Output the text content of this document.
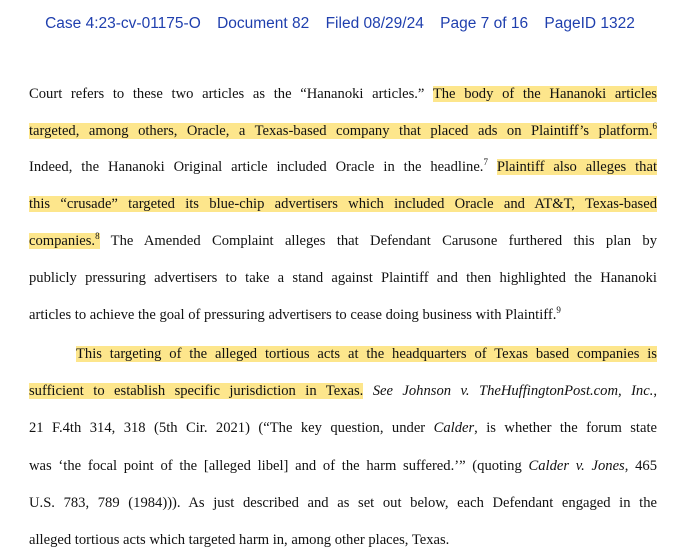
Case 4:23-cv-01175-O Document 82 Filed 08/29/24 Page 7 of 16 PageID 1322
Court refers to these two articles as the “Hananoki articles.” The body of the Hananoki articles
targeted, among others, Oracle, a Texas-based company that placed ads on Plaintiff’s platform.$^6$
Indeed, the Hananoki Original article included Oracle in the headline.$^7$ Plaintiff also alleges that
this “crusade” targeted its blue-chip advertisers which included Oracle and AT&T, Texas-based
companies.$^8$ The Amended Complaint alleges that Defendant Carusone furthered this plan by
publicly pressuring advertisers to take a stand against Plaintiff and then highlighted the Hananoki
articles to achieve the goal of pressuring advertisers to cease doing business with Plaintiff.$^9$
This targeting of the alleged tortious acts at the headquarters of Texas based companies is
sufficient to establish specific jurisdiction in Texas. See Johnson v. TheHuffingtonPost.com, Inc.,
21 F.4th 314, 318 (5th Cir. 2021) (“The key question, under Calder, is whether the forum state
was ‘the focal point of the [alleged libel] and of the harm suffered.’” (quoting Calder v. Jones, 465
U.S. 783, 789 (1984))). As just described and as set out below, each Defendant engaged in the
alleged tortious acts which targeted harm in, among other places, Texas.
